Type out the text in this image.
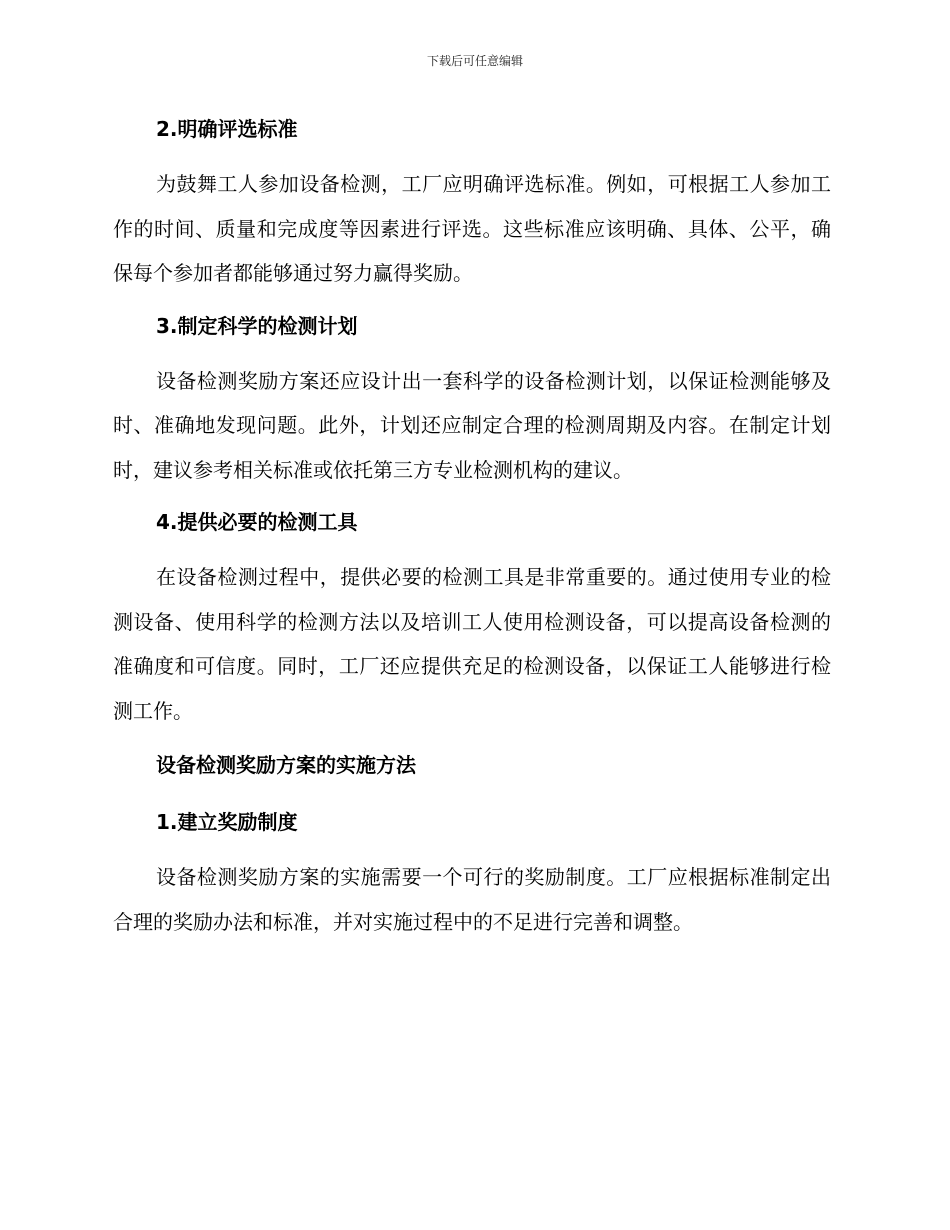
下载后可任意编辑
2.明确评选标准

为鼓舞工人参加设备检测，工厂应明确评选标准。例如，可根据工人参加工作的时间、质量和完成度等因素进行评选。这些标准应该明确、具体、公平，确保每个参加者都能够通过努力赢得奖励。

3.制定科学的检测计划

设备检测奖励方案还应设计出一套科学的设备检测计划，以保证检测能够及时、准确地发现问题。此外，计划还应制定合理的检测周期及内容。在制定计划时，建议参考相关标准或依托第三方专业检测机构的建议。

4.提供必要的检测工具

在设备检测过程中，提供必要的检测工具是非常重要的。通过使用专业的检测设备、使用科学的检测方法以及培训工人使用检测设备，可以提高设备检测的准确度和可信度。同时，工厂还应提供充足的检测设备，以保证工人能够进行检测工作。

设备检测奖励方案的实施方法
1.建立奖励制度

设备检测奖励方案的实施需要一个可行的奖励制度。工厂应根据标准制定出合理的奖励办法和标准，并对实施过程中的不足进行完善和调整。
